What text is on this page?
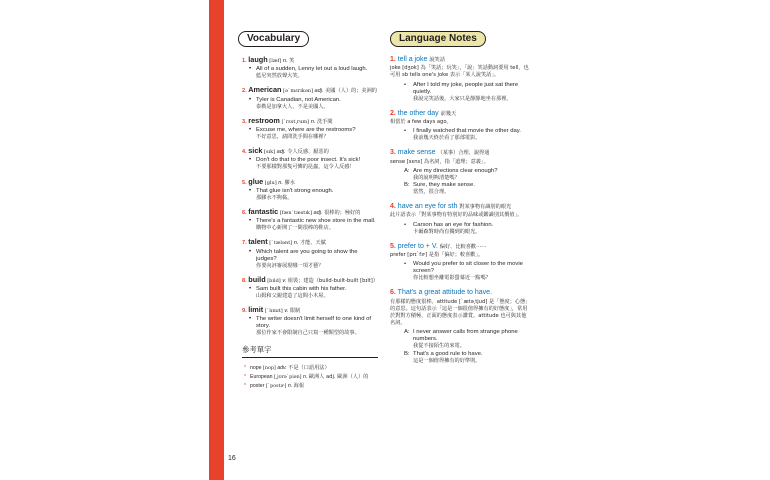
16
Vocabulary
1. laugh [læf] n. 笑
• All of a sudden, Lenny let out a loud laugh.
藍尼突然放聲大笑。
2. American [əˋmɛrɪkən] adj. 美國（人）的；美洲的
• Tyler is Canadian, not American.
泰勒是加拿大人，不是美國人。
3. restroom [ˋrɛst͵rum] n. 洗手間
• Excuse me, where are the restrooms?
不好意思，請問洗手間在哪裡？
4. sick [sɪk] adj. 令人反感、厭惡的
• Don't do that to the poor insect. It's sick!
不要那樣對那隻可憐的昆蟲，這令人反感！
5. glue [glu] n. 膠水
• That glue isn't strong enough.
那膠水不夠黏。
6. fantastic [fænˋtæstɪk] adj. 很棒的；極好的
• There's a fantastic new shoe store in the mall.
購物中心新開了一間很棒的鞋店。
7. talent [ˋtælənt] n. 才能、天賦
• Which talent are you going to show the judges?
你要向評審展現哪一項才藝？
8. build [bɪld] v. 組裝；建造（build-built-built [bɪlt]）
• Sam built this cabin with his father.
山姆和父親建造了這間小木屋。
9. limit [ˋlɪmɪt] v. 限制
• The writer doesn't limit herself to one kind of story.
那位作家不會限制自己只寫一種類型的故事。
參考單字
* nope [nop] adv. 不是（口語用法）
* European [͵jʊrəˋpiən] n. 歐洲人 adj. 歐洲（人）的
* poster [ˋpostɚ] n. 海報
Language Notes
1. tell a joke 說笑話
joke [dʒok] 為「笑話；玩笑」，「說」笑話動詞要用 tell，也可用 sb tells one's joke 表示「某人說笑話」。
• After I told my joke, people just sat there quietly.
我說完笑話後，大家只是靜靜地坐在那裡。
2. the other day 前幾天
相當於 a few days ago。
• I finally watched that movie the other day.
我前幾天終於看了那部電影。
3. make sense （某事）合理、說得通
sense [sɛns] 為名詞，指「道理；意義」。
A: Are my directions clear enough?
我的說明夠清楚嗎？
B: Sure, they make sense.
當然，很合理。
4. have an eye for sth 對某事物有識別的眼光
此片語表示「對某事物有特別好的品味或鑑識別其價值」。
• Carson has an eye for fashion.
卡爾森對時尚有獨到的眼光。
5. prefer to + V. 偏好、比較喜歡⋯⋯
prefer [prɪˋfɝ] 是指「偏好；較喜歡」。
• Would you prefer to sit closer to the movie screen?
你比較想坐離電影螢幕近一點嗎？
6. That's a great attitude to have.
有那樣的態度很棒。attitude [ˋætə͵tjud] 是「態度；心態」的意思。這句話表示「這是一個很值得擁有的好態度」，常用於對對方積極、正面的態度表示讚賞。attitude 也可與其他名詞。
A: I never answer calls from strange phone numbers.
我從不接陌生的來電。
B: That's a good rule to have.
這是一個值得擁有的好準則。
